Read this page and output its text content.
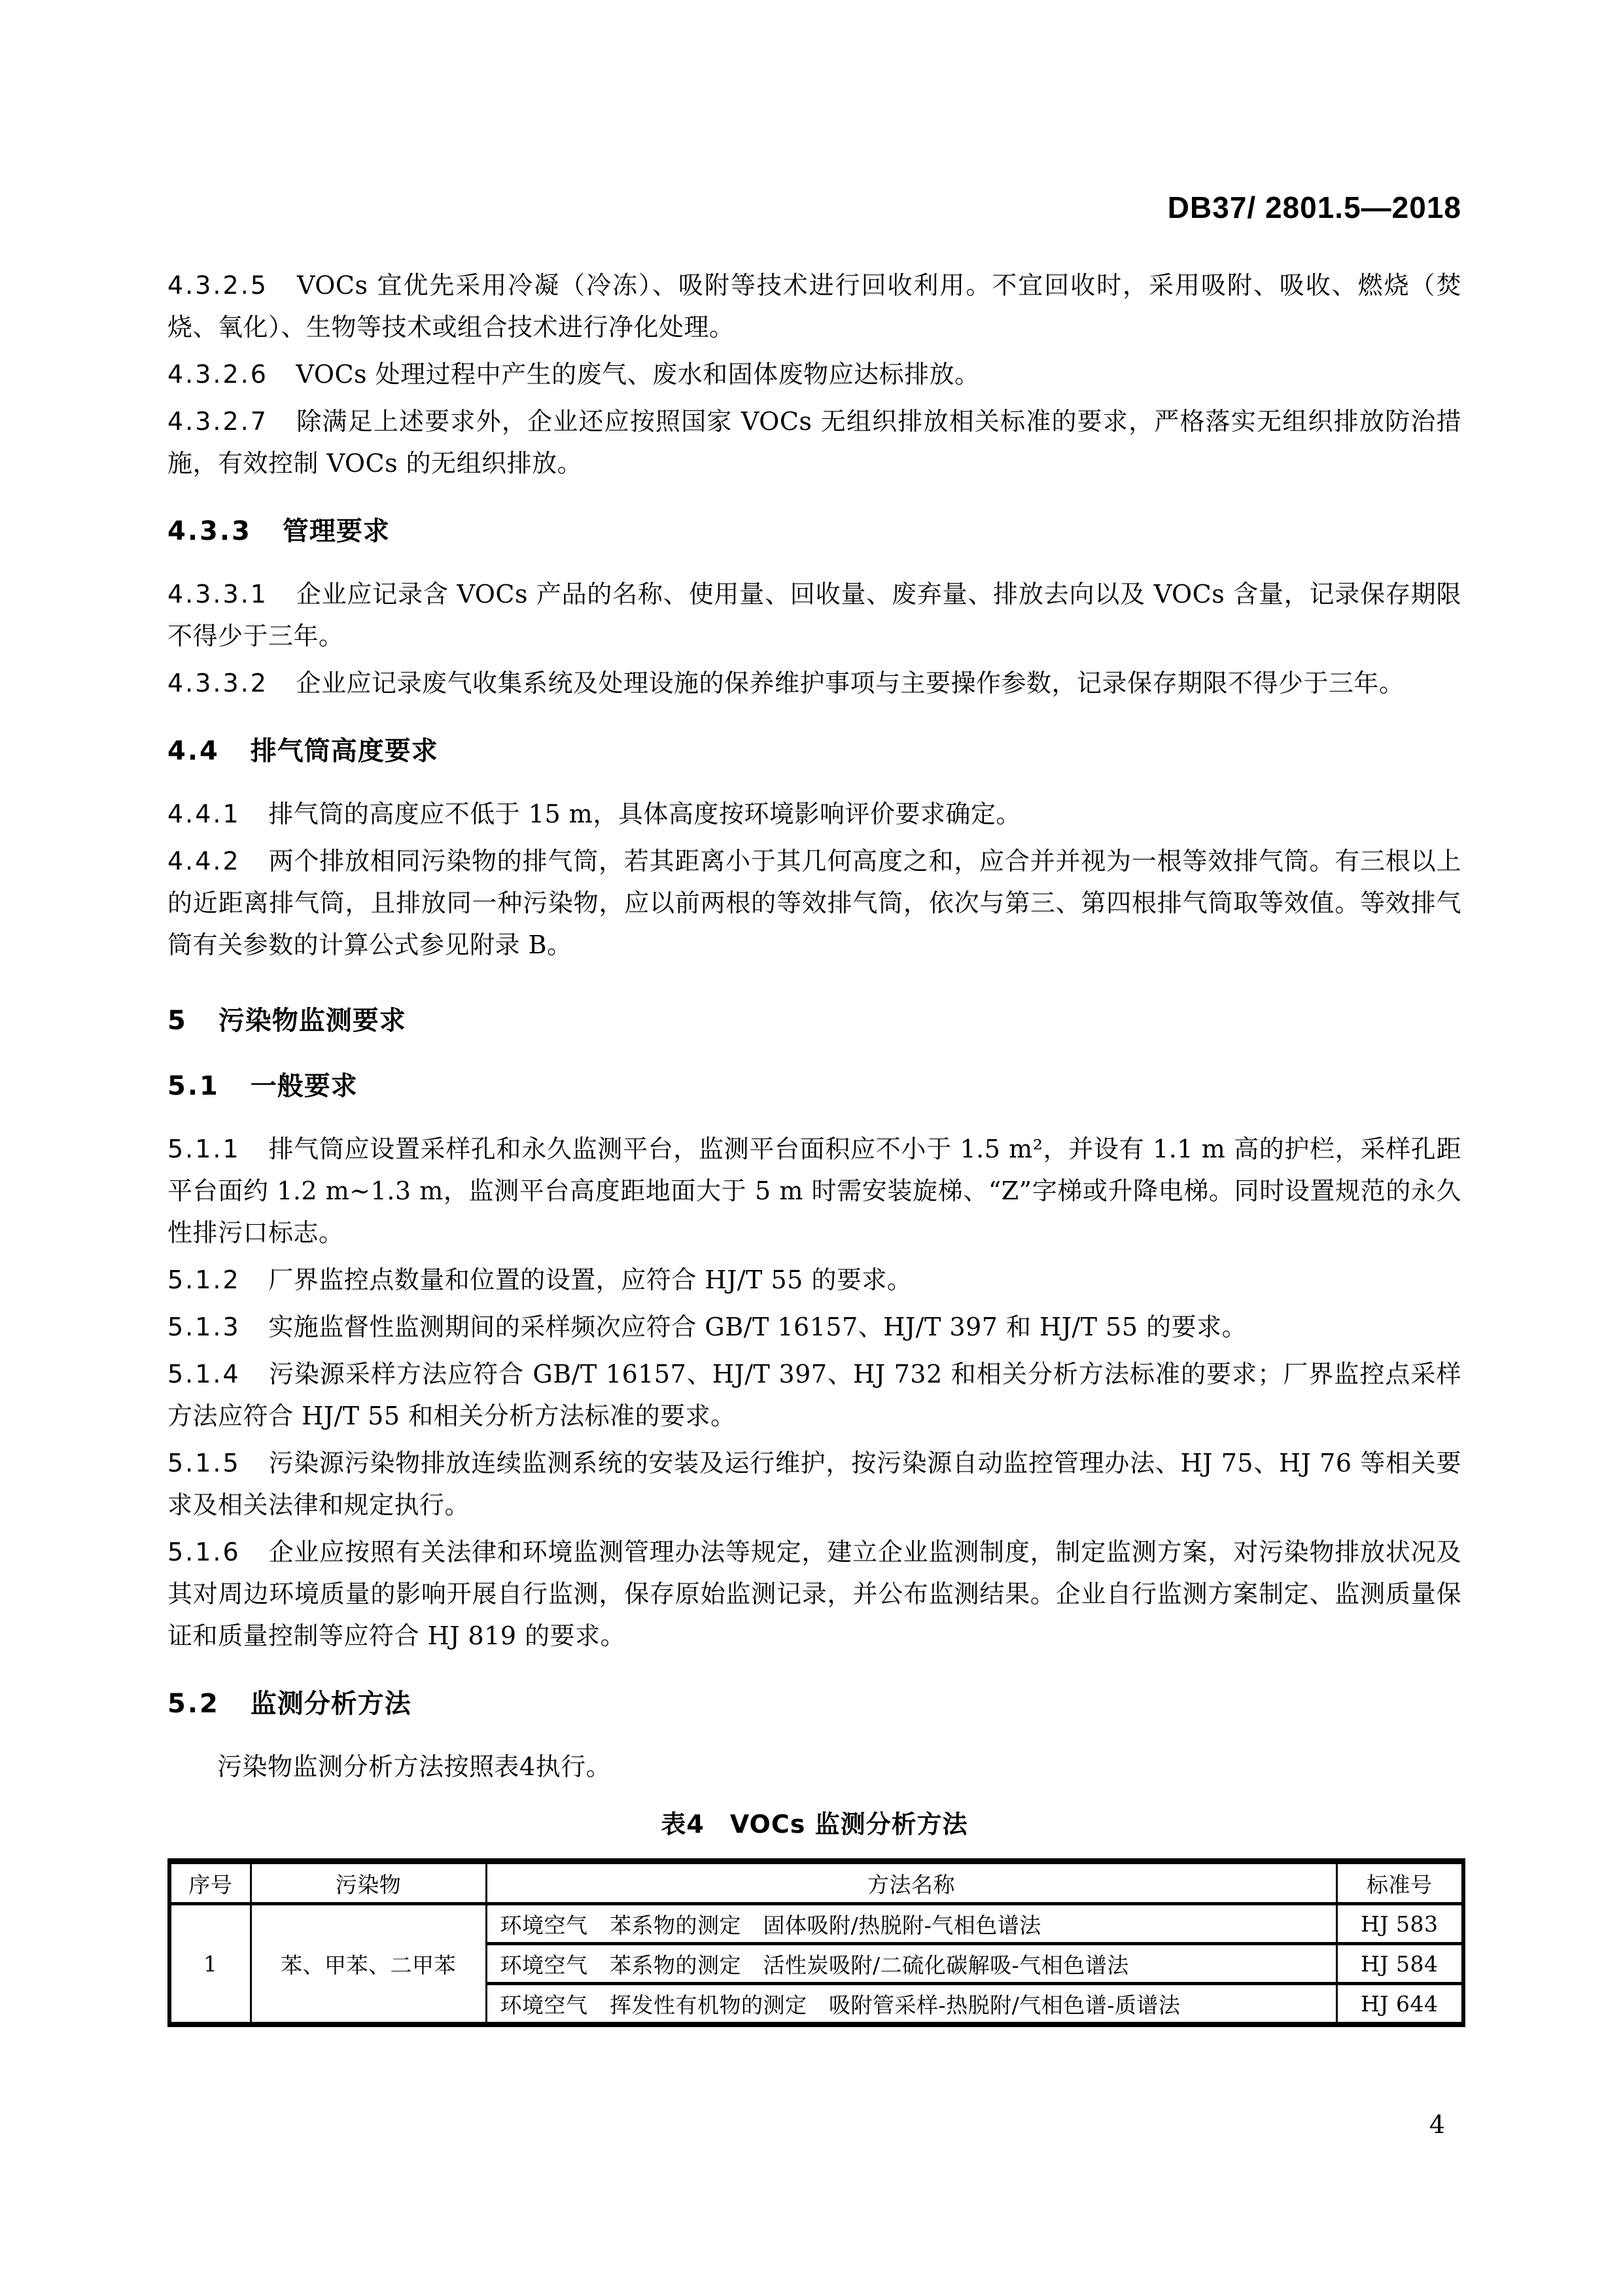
DB37/ 2801.5—2018

4.3.2.5 VOCs 宜优先采用冷凝（冷冻）、吸附等技术进行回收利用。不宜回收时，采用吸附、吸收、燃烧（焚烧、氧化）、生物等技术或组合技术进行净化处理。

4.3.2.6 VOCs 处理过程中产生的废气、废水和固体废物应达标排放。

4.3.2.7 除满足上述要求外，企业还应按照国家 VOCs 无组织排放相关标准的要求，严格落实无组织排放防治措施，有效控制 VOCs 的无组织排放。

4.3.3 管理要求

4.3.3.1 企业应记录含 VOCs 产品的名称、使用量、回收量、废弃量、排放去向以及 VOCs 含量，记录保存期限不得少于三年。

4.3.3.2 企业应记录废气收集系统及处理设施的保养维护事项与主要操作参数，记录保存期限不得少于三年。

4.4 排气筒高度要求

4.4.1 排气筒的高度应不低于 15 m，具体高度按环境影响评价要求确定。

4.4.2 两个排放相同污染物的排气筒，若其距离小于其几何高度之和，应合并并视为一根等效排气筒。有三根以上的近距离排气筒，且排放同一种污染物，应以前两根的等效排气筒，依次与第三、第四根排气筒取等效值。等效排气筒有关参数的计算公式参见附录 B。

5 污染物监测要求
5.1 一般要求

5.1.1 排气筒应设置采样孔和永久监测平台，监测平台面积应不小于 1.5 m²，并设有 1.1 m 高的护栏，采样孔距平台面约 1.2 m~1.3 m，监测平台高度距地面大于 5 m 时需安装旋梯、“Z”字梯或升降电梯。同时设置规范的永久性排污口标志。

5.1.2 厂界监控点数量和位置的设置，应符合 HJ/T 55 的要求。

5.1.3 实施监督性监测期间的采样频次应符合 GB/T 16157、HJ/T 397 和 HJ/T 55 的要求。

5.1.4 污染源采样方法应符合 GB/T 16157、HJ/T 397、HJ 732 和相关分析方法标准的要求；厂界监控点采样方法应符合 HJ/T 55 和相关分析方法标准的要求。

5.1.5 污染源污染物排放连续监测系统的安装及运行维护，按污染源自动监控管理办法、HJ 75、HJ 76 等相关要求及相关法律和规定执行。

5.1.6 企业应按照有关法律和环境监测管理办法等规定，建立企业监测制度，制定监测方案，对污染物排放状况及其对周边环境质量的影响开展自行监测，保存原始监测记录，并公布监测结果。企业自行监测方案制定、监测质量保证和质量控制等应符合 HJ 819 的要求。

5.2 监测分析方法

污染物监测分析方法按照表4执行。

表4　VOCs 监测分析方法
序号	污染物	方法名称	标准号
1	苯、甲苯、二甲苯	环境空气　苯系物的测定　固体吸附/热脱附-气相色谱法	HJ 583
		环境空气　苯系物的测定　活性炭吸附/二硫化碳解吸-气相色谱法	HJ 584
		环境空气　挥发性有机物的测定　吸附管采样-热脱附/气相色谱-质谱法	HJ 644
4
